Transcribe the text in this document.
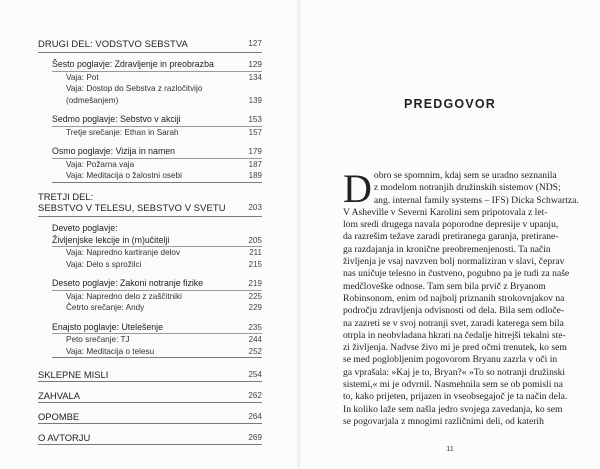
DRUGI DEL: VODSTVO SEBSTVA	127
Šesto poglavje: Zdravljenje in preobrazba	129
Vaja: Pot	134
Vaja: Dostop do Sebstva z razločitvijo
(odmešanjem)	139
Sedmo poglavje: Sebstvo v akciji	153
Tretje srečanje: Ethan in Sarah	157
Osmo poglavje: Vizija in namen	179
Vaja: Požarna vaja	187
Vaja: Meditacija o žalostni osebi	189
TRETJI DEL:
SEBSTVO V TELESU, SEBSTVO V SVETU	203
Deveto poglavje:
Življenjske lekcije in (m)učitelji	205
Vaja: Napredno kartiranje delov	211
Vaja: Delo s sprožilci	215
Deseto poglavje: Zakoni notranje fizike	219
Vaja: Napredno delo z zaščitniki	225
Četrto srečanje: Andy	229
Enajsto poglavje: Utelešenje	235
Peto srečanje: TJ	244
Vaja: Meditacija o telesu	252
SKLEPNE MISLI	254
ZAHVALA	262
OPOMBE	264
O AVTORJU	269
PREDGOVOR
D obro se spomnim, kdaj sem se uradno seznanila
z modelom notranjih družinskih sistemov (NDS;
ang. internal family systems – IFS) Dicka Schwartza.
V Asheville v Severni Karolini sem pripotovala z let-
lom sredi drugega navala poporodne depresije v upanju,
da razrešim težave zaradi pretiranega garanja, pretirane-
ga razdajanja in kronične preobremenjenosti. Ta način
življenja je vsaj navzven bolj normaliziran v slavi, čeprav
nas uničuje telesno in čustveno, pogubno pa je tudi za naše
medčloveške odnose. Tam sem bila prvič z Bryanom
Robinsonom, enim od najbolj priznanih strokovnjakov na
področju zdravljenja odvisnosti od dela. Bila sem odloče-
na zazreti se v svoj notranji svet, zaradi katerega sem bila
otrpla in neobvladana hkrati na čedalje hitrejši tekalni ste-
zi življenja. Nadvse živo mi je pred očmi trenutek, ko sem
se med poglobljenim pogovorom Bryanu zazrla v oči in
ga vprašala: »Kaj je to, Bryan?« »To so notranji družinski
sistemi,« mi je odvrnil. Nasmehnila sem se ob pomisli na
to, kako prijeten, prijazen in vseobsegajoč je ta način dela.
In koliko laže sem našla jedro svojega zavedanja, ko sem
se pogovarjala z mnogimi različnimi deli, od katerih
11
